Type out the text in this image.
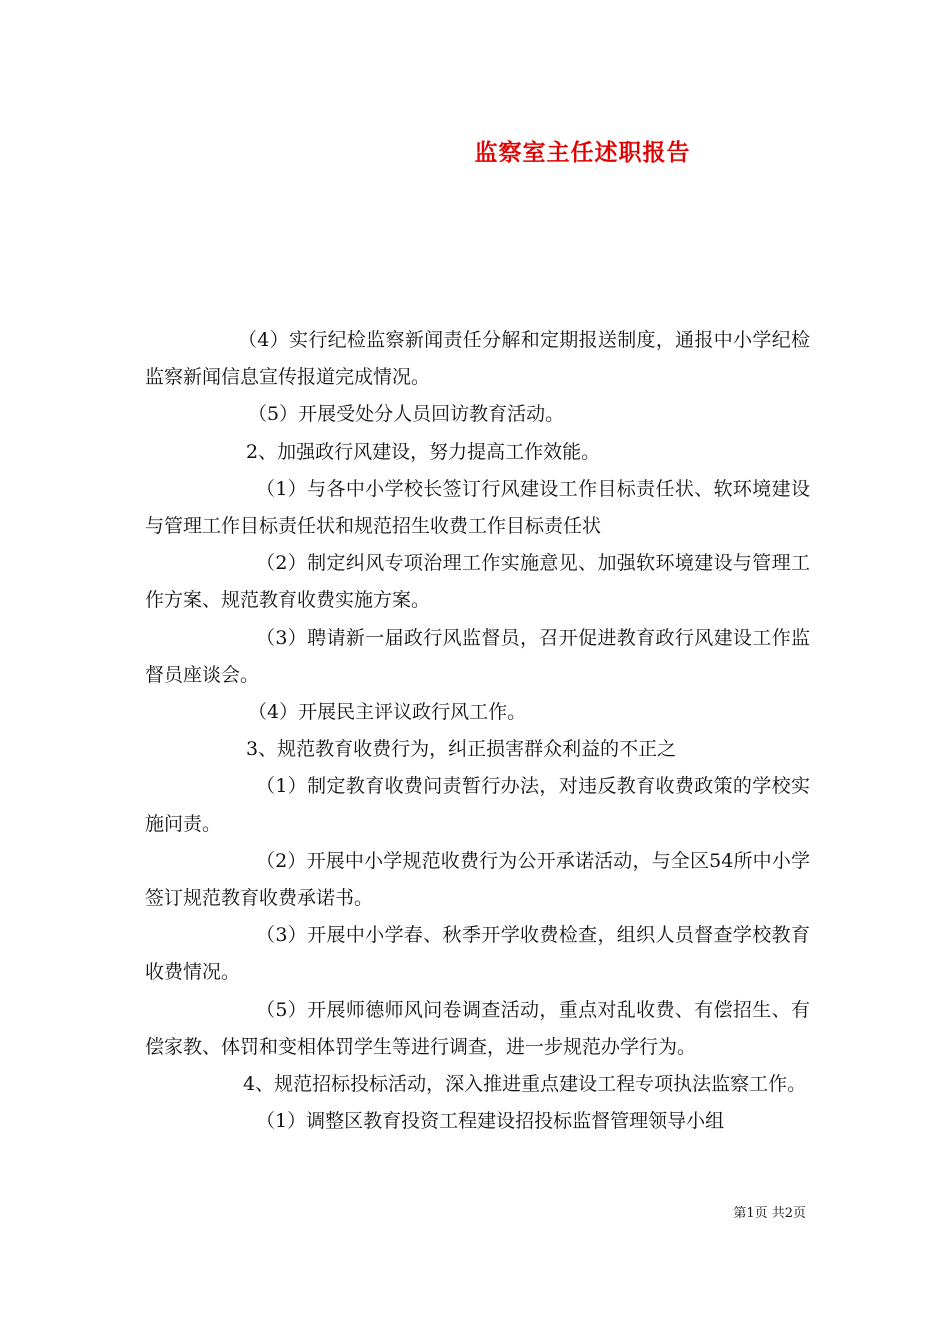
监察室主任述职报告

（4）实行纪检监察新闻责任分解和定期报送制度，通报中小学纪检监察新闻信息宣传报道完成情况。

（5）开展受处分人员回访教育活动。

2、加强政行风建设，努力提高工作效能。

（1）与各中小学校长签订行风建设工作目标责任状、软环境建设与管理工作目标责任状和规范招生收费工作目标责任状

（2）制定纠风专项治理工作实施意见、加强软环境建设与管理工作方案、规范教育收费实施方案。

（3）聘请新一届政行风监督员，召开促进教育政行风建设工作监督员座谈会。

（4）开展民主评议政行风工作。

3、规范教育收费行为，纠正损害群众利益的不正之

（1）制定教育收费问责暂行办法，对违反教育收费政策的学校实施问责。

（2）开展中小学规范收费行为公开承诺活动，与全区54所中小学签订规范教育收费承诺书。

（3）开展中小学春、秋季开学收费检查，组织人员督查学校教育收费情况。

（5）开展师德师风问卷调查活动，重点对乱收费、有偿招生、有偿家教、体罚和变相体罚学生等进行调查，进一步规范办学行为。

4、规范招标投标活动，深入推进重点建设工程专项执法监察工作。

（1）调整区教育投资工程建设招投标监督管理领导小组

第1页 共2页
